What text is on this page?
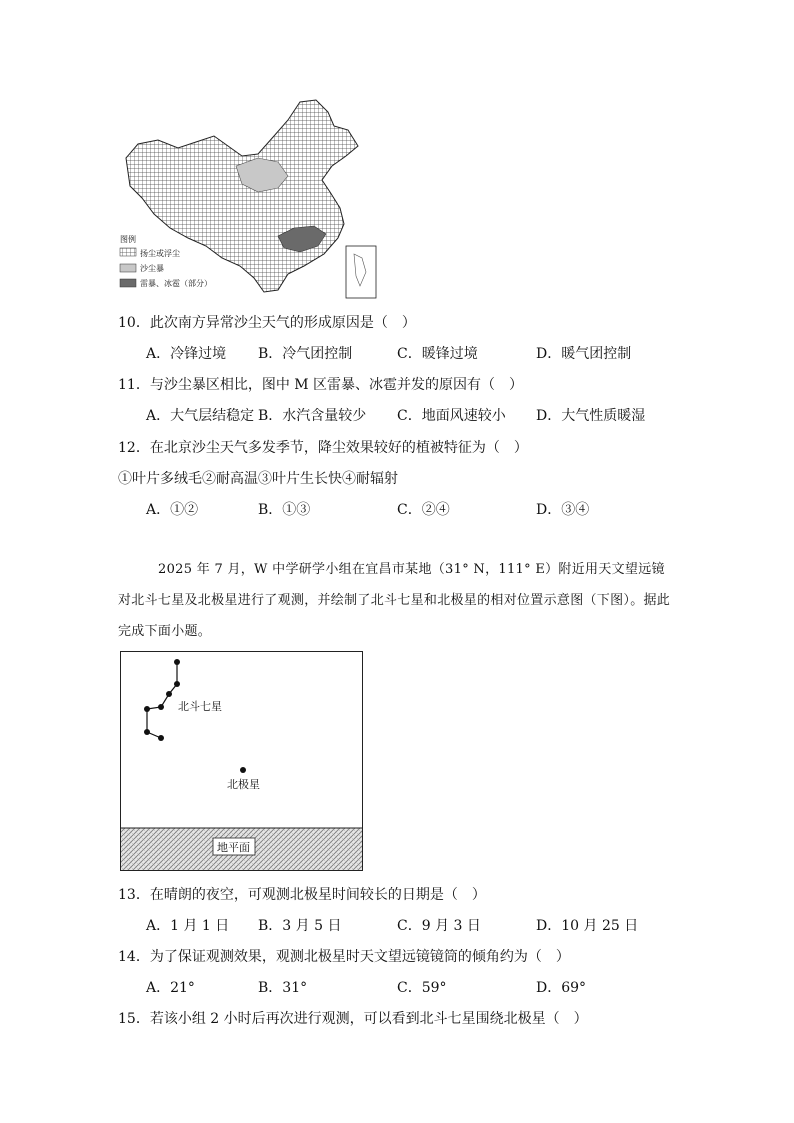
图例
扬尘或浮尘
沙尘暴
雷暴、冰雹（部分）
10．此次南方异常沙尘天气的形成原因是（　）
A．冷锋过境 B．冷气团控制	C．暖锋过境	D．暖气团控制
11．与沙尘暴区相比，图中 M 区雷暴、冰雹并发的原因有（　）
A．大气层结稳定 B．水汽含量较少 C．地面风速较小 D．大气性质暖湿
12．在北京沙尘天气多发季节，降尘效果较好的植被特征为（　）
①叶片多绒毛②耐高温③叶片生长快④耐辐射
A．①②	B．①③	C．②④	D．③④
2025 年 7 月，W 中学研学小组在宜昌市某地（31° N，111° E）附近用天文望远镜对北斗七星及北极星进行了观测，并绘制了北斗七星和北极星的相对位置示意图（下图）。据此完成下面小题。
北斗七星
北极星
地平面
13．在晴朗的夜空，可观测北极星时间较长的日期是（　）
A．1 月 1 日 B．3 月 5 日	C．9 月 3 日	D．10 月 25 日
14．为了保证观测效果，观测北极星时天文望远镜镜筒的倾角约为（　）
A．21°	B．31°	C．59°	D．69°
15．若该小组 2 小时后再次进行观测，可以看到北斗七星围绕北极星（　）
